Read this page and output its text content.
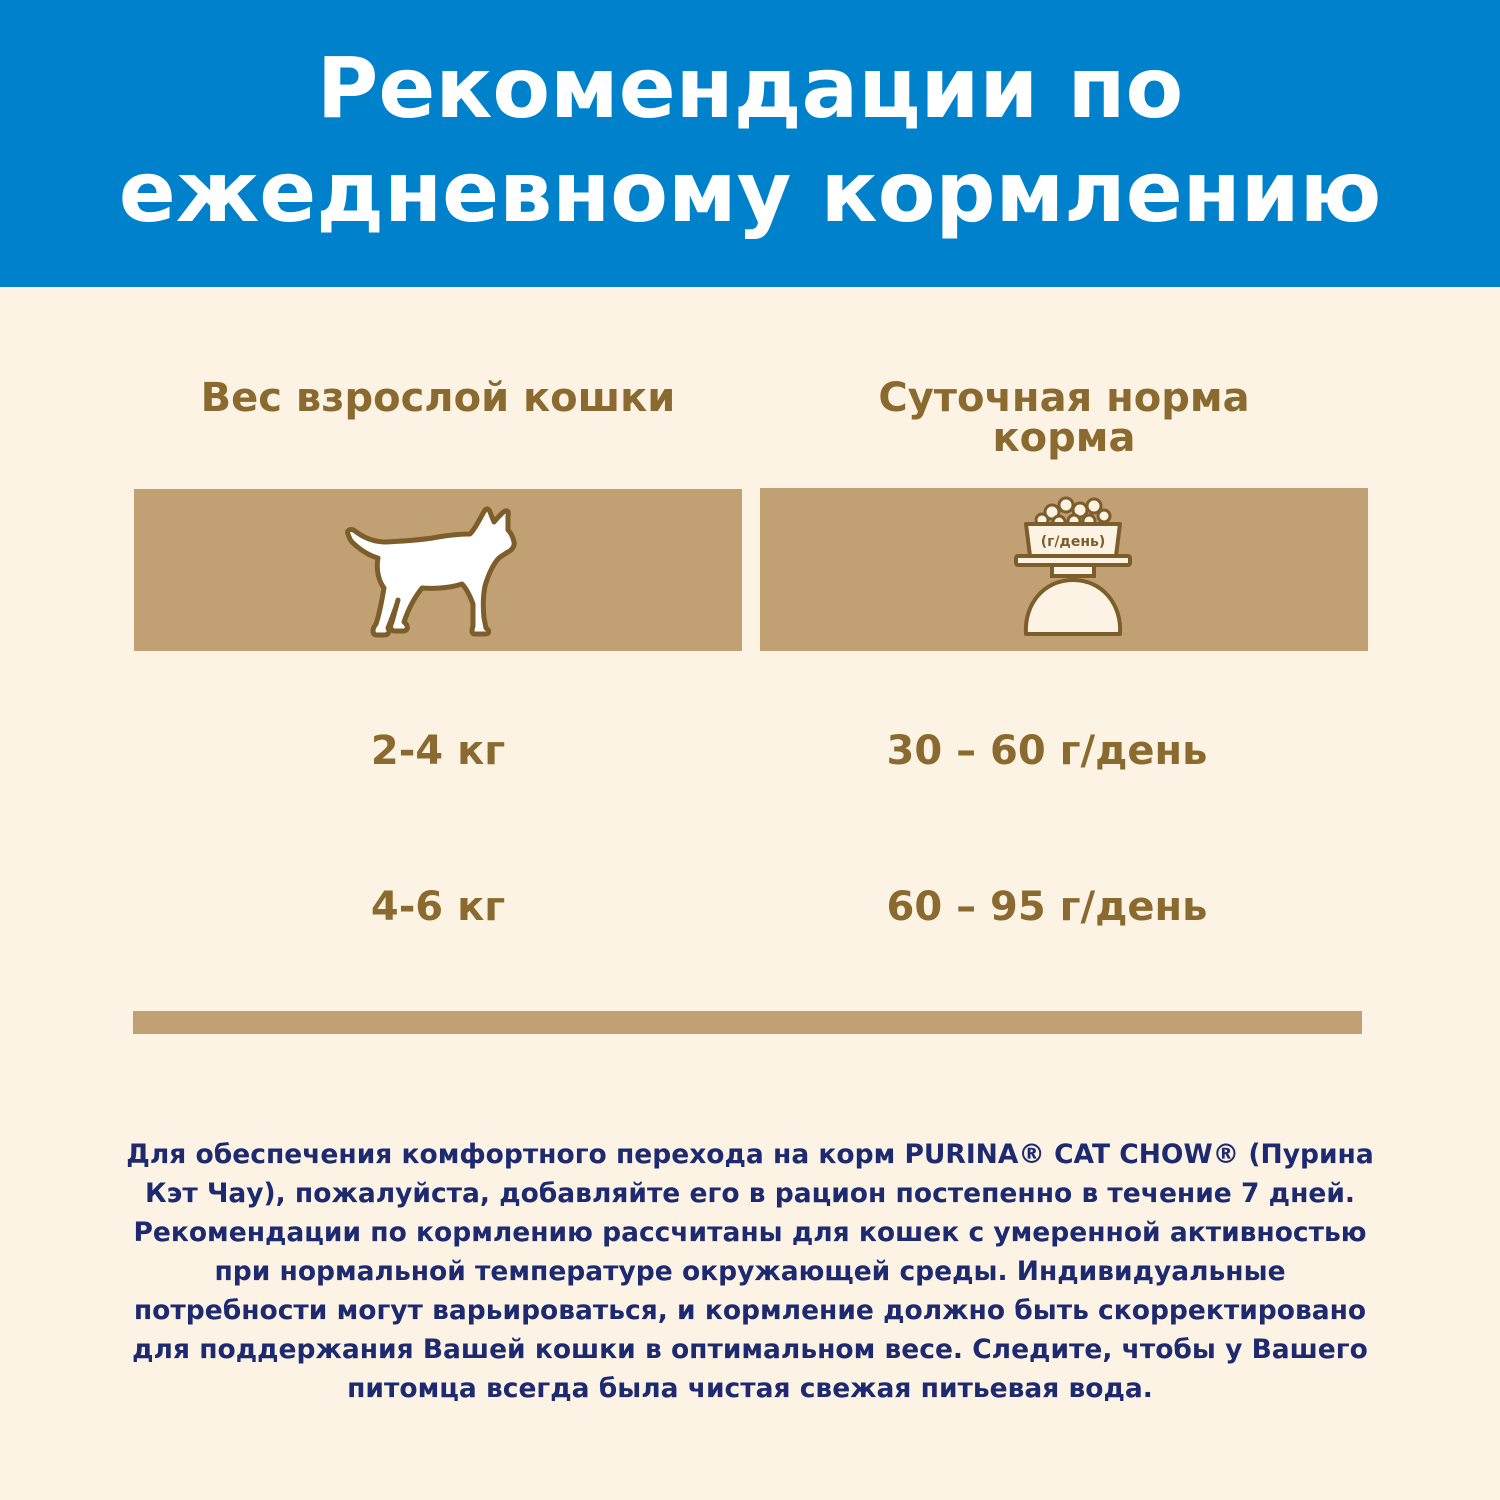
Рекомендации по
ежедневному кормлению
Вес взрослой кошки	Суточная норма
корма
(г/день)
2-4 кг	30 – 60 г/день
4-6 кг	60 – 95 г/день
Для обеспечения комфортного перехода на корм PURINA® CAT CHOW® (Пурина
Кэт Чау), пожалуйста, добавляйте его в рацион постепенно в течение 7 дней.
Рекомендации по кормлению рассчитаны для кошек с умеренной активностью
при нормальной температуре окружающей среды. Индивидуальные
потребности могут варьироваться, и кормление должно быть скорректировано
для поддержания Вашей кошки в оптимальном весе. Следите, чтобы у Вашего
питомца всегда была чистая свежая питьевая вода.
